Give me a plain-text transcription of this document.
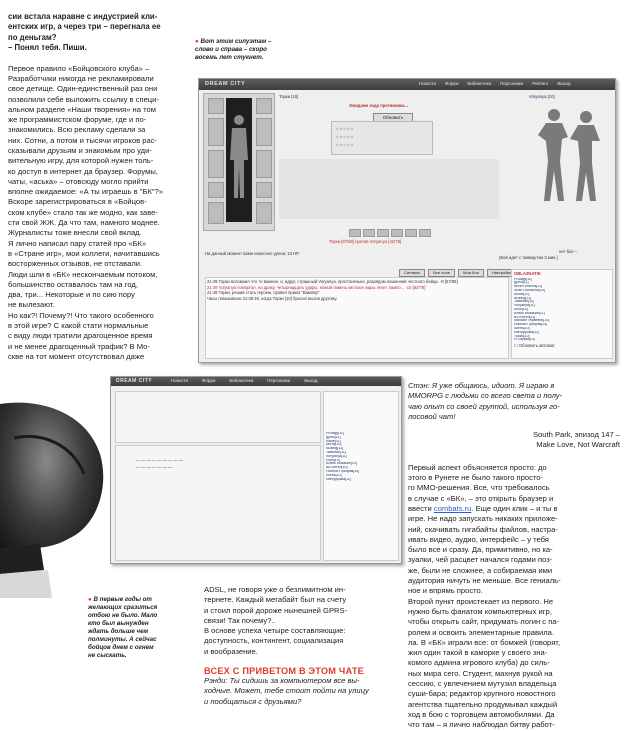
сии встала наравне с индустрией кли-

ентских игр, а через три – перегнала ее

по деньгам?

– Понял тебя. Пиши.

Первое правило «Бойцовского клуба» –

Разработчики никогда не рекламировали

свое детище. Один-единственный раз они

позволили себе выложить ссылку в специ-

альном разделе «Наши творения» на том

же программистском форуме, где и по-

знакомились. Всю рекламу сделали за

них. Сотни, а потом и тысячи игроков рас-

сказывали друзьям и знакомым про уди-

вительную игру, для которой нужен толь-

ко доступ в интернет да браузер. Форумы,

чаты, «аська» – отовсюду могло прийти

вполне ожидаемое: «А ты играешь в "БК"?»

Вскоре зарегистрироваться в «Бойцов-

ском клубе» стало так же модно, как заве-

сти свой ЖЖ. Да что там, намного моднее.

Журналисты тоже внесли свой вклад.

Я лично написал пару статей про «БК»

в «Стране игр», мои коллеги, начитавшись

восторженных отзывов, не отставали.

Люди шли в «БК» нескончаемым потоком,

большинство оставалось там на год,

два, три... Некоторые и по сию пору

не вылезают.

Но как?! Почему?! Что такого особенного

в этой игре? С какой стати нормальные

с виду люди тратили драгоценное время

и не менее драгоценный трафик? В Мо-

скве на тот момент отсутствовал даже

● Вот этим силуэтам –
слово и справа – скоро
восемь лет стукнет.
DREAM CITY	Новости Форум Библиотека Персонажи Рейтинг Выход
Торки [10]
Ожидаем хода противника...
Обновить
○ ○ ○ ○ ○
○ ○ ○ ○ ○
○ ○ ○ ○ ○
Торки [87/88] против Voryanya [42/78]
Voryanya [10]
нет боя --
(Бой идет с таймаутом 3 мин.)
На данный момент вами нанесено урона: 13 HP.
Сигналы	Все поле	Мои бои	Настройки
21:49 Торки вспомнил что то важное, и, вдруг, страшный Voryanya, простоненько, разрядом лишенний честного бойца. -8 [57/88]
21:49 Voryanya поморгал, на драку, четырнадцать удары, новый ливень кистьюн жары лезет лампо... -10 [82/78]
21:49 Торки, решив стать героем, провел прием "Вампир".
Часы показывали 21:38:49, когда Торки [10] бросил вызов другому.
OBLAZNATIK
Prodigy[11]
gytnu[11]
seven emmns[11]
Shan Goodnina[10]
ozvelt[10]
taJking[11]
Talisman[11]
Voryanya[11]
zhun[10]
Алекс Исаакин[11]
Во Интел[11]
Михаил Гераевич[10]
Ночной Призрак[10]
осень[10]
снегурушка[11]
Торки[10]
Я Салим[10]
☐ Обновить автомат.
● В первые годы от
желающих сразиться
отбою не было. Мало
кто был вынужден
ждать дольше чем
полминуты. А сейчас
бойцов днем с огнем
не сыскать.
DREAM CITY	Новости	Форум	Библиотека	Персонажи	Выход
— — — — — — — — —
— — — — — — —
Prodigy[11]
gytnu[11]
Kaifal[11]
sevnk[10]
taJking[11]
Talisman[11]
Voryanya[11]
zhun[10]
Алекс Исаакин[10]
Во Интел[10]
Ночной Призрак[10]
осень[10]
снегурушка[11]

ADSL, не говоря уже о безлимитном ин-

тернете. Каждый мегабайт был на счету

и стоил порой дороже нынешней GPRS-

связи! Так почему?..

В основе успеха четыре составляющие:

доступность, контингент, социализация

и вообразение.

ВСЕХ С ПРИВЕТОМ В ЭТОМ ЧАТЕ
Рэнди: Ты сидишь за компьютером все вы-
ходные. Может, тебе стоит пойти на улицу
и пообщаться с друзьями?
Стэн: Я уже общаюсь, идиот. Я играю в
MMORPG с людьми со всего света и полу-
чаю опыт со своей группой, используя го-
лосовой чат!
South Park, эпизод 147 –
Make Love, Not Warcraft

Первый аспект объясняется просто: до

этого в Рунете не было такого просто-

го MMO-решения. Все, что требовалось

в случае с «БК», – это открыть браузер и

ввести combats.ru. Еще один клик – и ты в

игре. Не надо запускать никаких приложе-

ний, скачивать гигабайты файлов, настра-

ивать видео, аудио, интерфейс – у тебя

было все и сразу. Да, примитивно, но ка-

зуалки, чей расцвет начался годами поз-

же, были не сложнее, а собираемая ими

аудитория ничуть не меньше. Все гениаль-

ное и впрямь просто.

Второй пункт проистекает из первого. Не

нужно быть фанатом компьютерных игр,

чтобы открыть сайт, придумать логин с па-

ролем и освоить элементарные правила.

ла. В «БК» играли все: от бомжей (говорят,

жил один такой в каморке у своего зна-

комого админа игрового клуба) до силь-

ных мира сего. Студент, махнув рукой на

сессию, с увлечением мутузил владельца

суши-бара; редактор крупного новостного

агентства тщательно продумывал каждый

ход в бою с торговцем автомобилями. Да

что там – я лично наблюдал битву работ-
